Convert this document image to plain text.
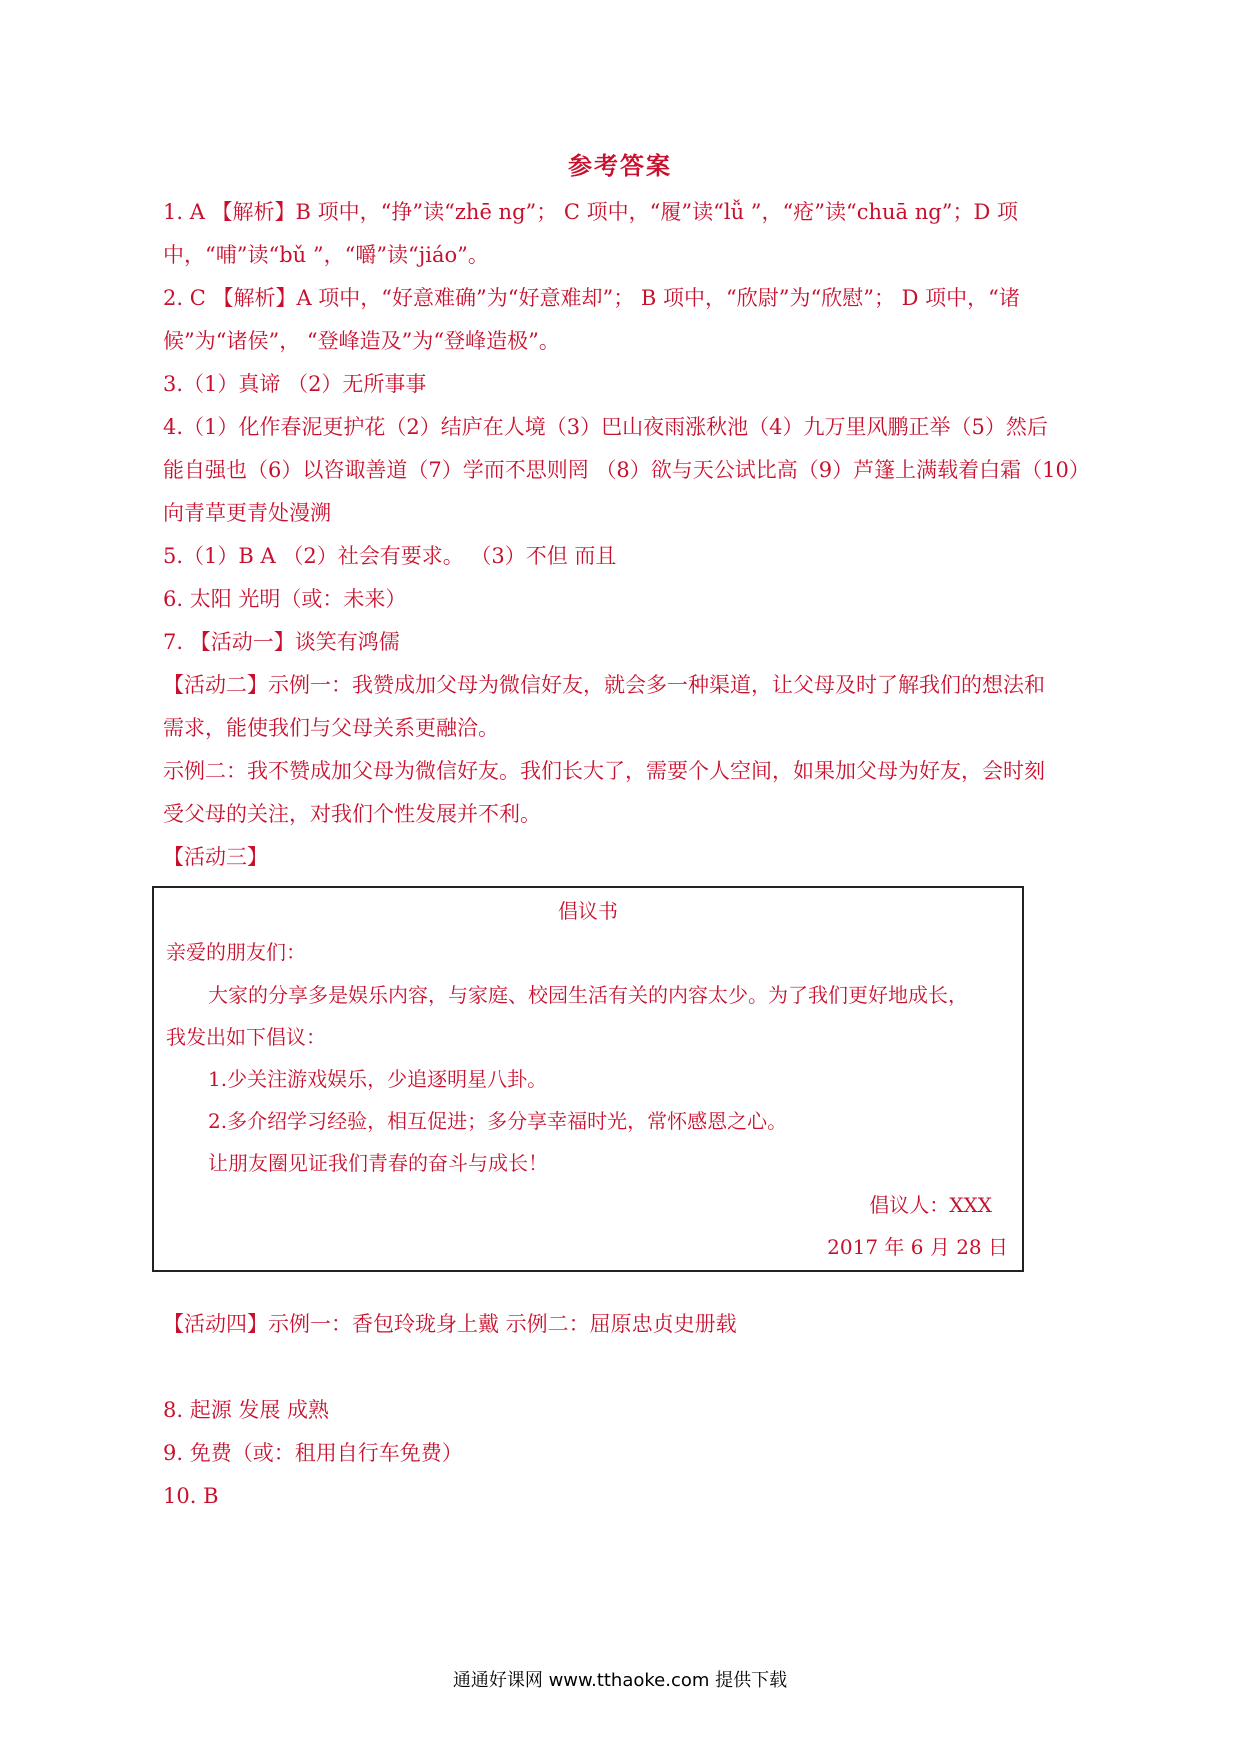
参考答案
1. A 【解析】B 项中，“挣”读“zhē ng”； C 项中，“履”读“lǚ ”，“疮”读“chuā ng”；D 项
中，“哺”读“bǔ ”，“嚼”读“jiáo”。
2. C 【解析】A 项中，“好意难确”为“好意难却”； B 项中，“欣尉”为“欣慰”； D 项中，“诸
候”为“诸侯”， “登峰造及”为“登峰造极”。
3.（1）真谛 （2）无所事事
4.（1）化作春泥更护花（2）结庐在人境（3）巴山夜雨涨秋池（4）九万里风鹏正举（5）然后
能自强也（6）以咨诹善道（7）学而不思则罔 （8）欲与天公试比高（9）芦篷上满载着白霜（10）
向青草更青处漫溯
5.（1）B A （2）社会有要求。 （3）不但 而且
6. 太阳 光明（或：未来）
7. 【活动一】谈笑有鸿儒
【活动二】示例一：我赞成加父母为微信好友，就会多一种渠道，让父母及时了解我们的想法和
需求，能使我们与父母关系更融洽。
示例二：我不赞成加父母为微信好友。我们长大了，需要个人空间，如果加父母为好友，会时刻
受父母的关注，对我们个性发展并不利。
【活动三】
倡议书
亲爱的朋友们：
大家的分享多是娱乐内容，与家庭、校园生活有关的内容太少。为了我们更好地成长，
我发出如下倡议：
1.少关注游戏娱乐，少追逐明星八卦。
2.多介绍学习经验，相互促进；多分享幸福时光，常怀感恩之心。
让朋友圈见证我们青春的奋斗与成长！
倡议人：XXX
2017 年 6 月 28 日
【活动四】示例一：香包玲珑身上戴 示例二：屈原忠贞史册载
8. 起源 发展 成熟
9. 免费（或：租用自行车免费）
10. B
通通好课网 www.tthaoke.com 提供下载
